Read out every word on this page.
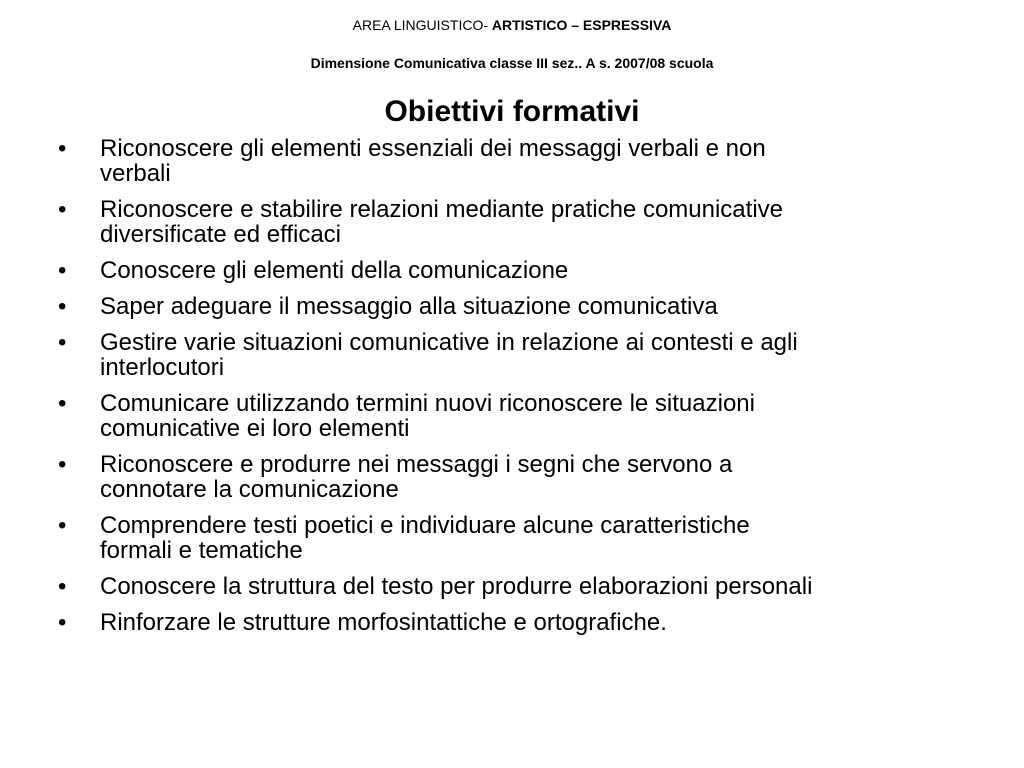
AREA LINGUISTICO- ARTISTICO – ESPRESSIVA
Dimensione Comunicativa classe III sez.. A s. 2007/08 scuola
Obiettivi formativi
•	Riconoscere gli elementi essenziali dei messaggi verbali e non
verbali
•	Riconoscere e stabilire relazioni mediante pratiche comunicative
diversificate ed efficaci
•	Conoscere gli elementi della comunicazione
•	Saper adeguare il messaggio alla situazione comunicativa
•	Gestire varie situazioni comunicative in relazione ai contesti e agli
interlocutori
•	Comunicare utilizzando termini nuovi riconoscere le situazioni
comunicative ei loro elementi
•	Riconoscere e produrre nei messaggi i segni che servono a
connotare la comunicazione
•	Comprendere testi poetici e individuare alcune caratteristiche
formali e tematiche
•	Conoscere la struttura del testo per produrre elaborazioni personali
•	Rinforzare le strutture morfosintattiche e ortografiche.
